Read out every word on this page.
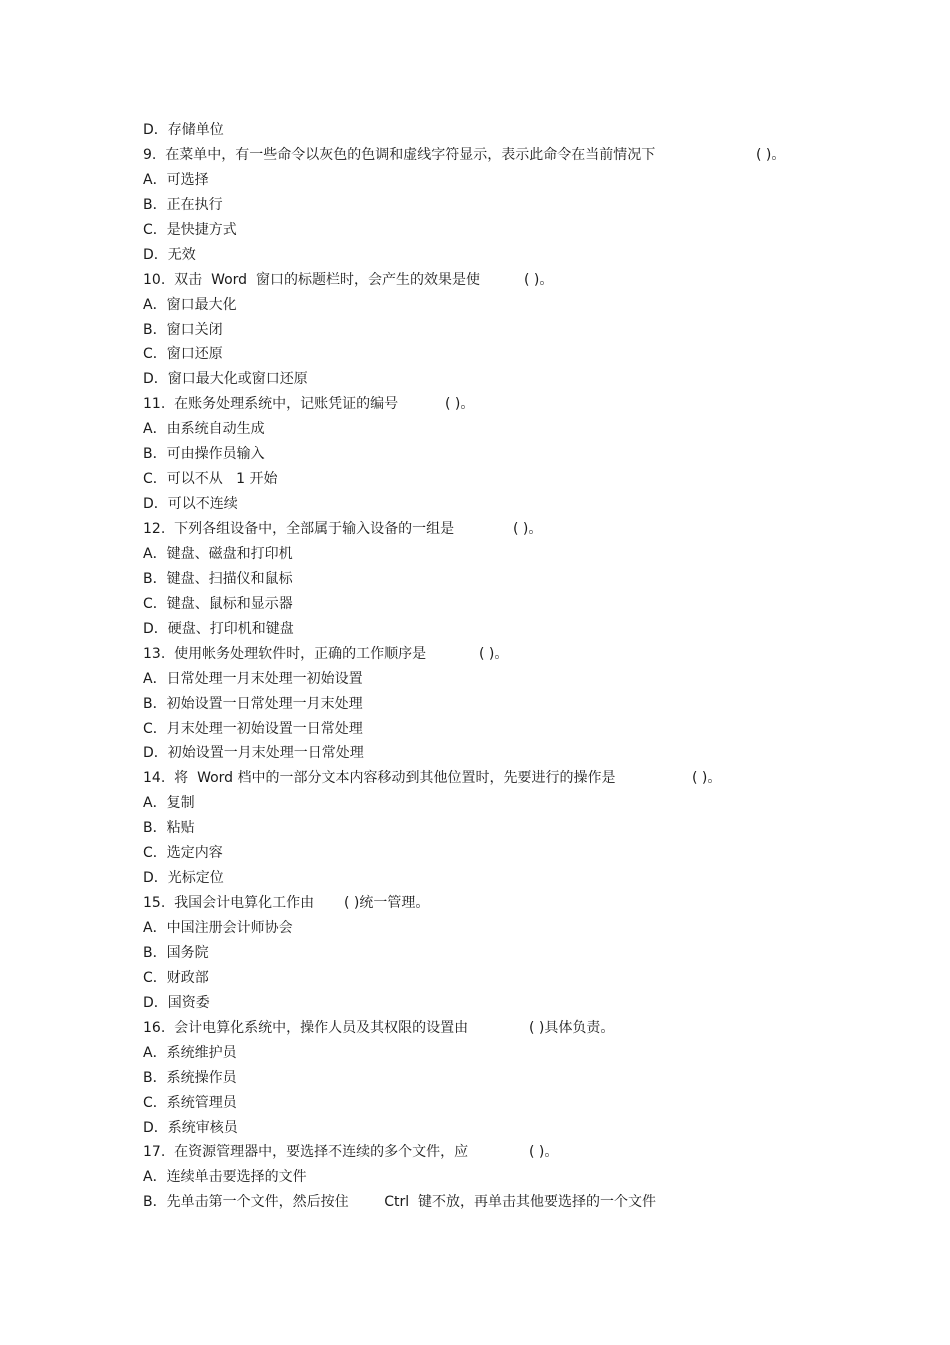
D．存储单位
9.  在菜单中，有一些命令以灰色的色调和虚线字符显示，表示此命令在当前情况下	( )。
A．可选择
B．正在执行
C．是快捷方式
D．无效
10.  双击  Word  窗口的标题栏时，会产生的效果是使	( )。
A．窗口最大化
B．窗口关闭
C．窗口还原
D．窗口最大化或窗口还原
11.  在账务处理系统中，记账凭证的编号	( )。
A．由系统自动生成
B．可由操作员输入
C．可以不从   1 开始
D．可以不连续
12.  下列各组设备中，全部属于输入设备的一组是	( )。
A．键盘、磁盘和打印机
B．键盘、扫描仪和鼠标
C．键盘、鼠标和显示器
D．硬盘、打印机和键盘
13.  使用帐务处理软件时，正确的工作顺序是	( )。
A．日常处理一月末处理一初始设置
B．初始设置一日常处理一月末处理
C．月末处理一初始设置一日常处理
D．初始设置一月末处理一日常处理
14.  将  Word 档中的一部分文本内容移动到其他位置时，先要进行的操作是	( )。
A．复制
B．粘贴
C．选定内容
D．光标定位
15.  我国会计电算化工作由 ( )统一管理。
A．中国注册会计师协会
B．国务院
C．财政部
D．国资委
16.  会计电算化系统中，操作人员及其权限的设置由	( )具体负责。
A．系统维护员
B．系统操作员
C．系统管理员
D．系统审核员
17.  在资源管理器中，要选择不连续的多个文件，应	( )。
A．连续单击要选择的文件
B．先单击第一个文件，然后按住        Ctrl  键不放，再单击其他要选择的一个文件
